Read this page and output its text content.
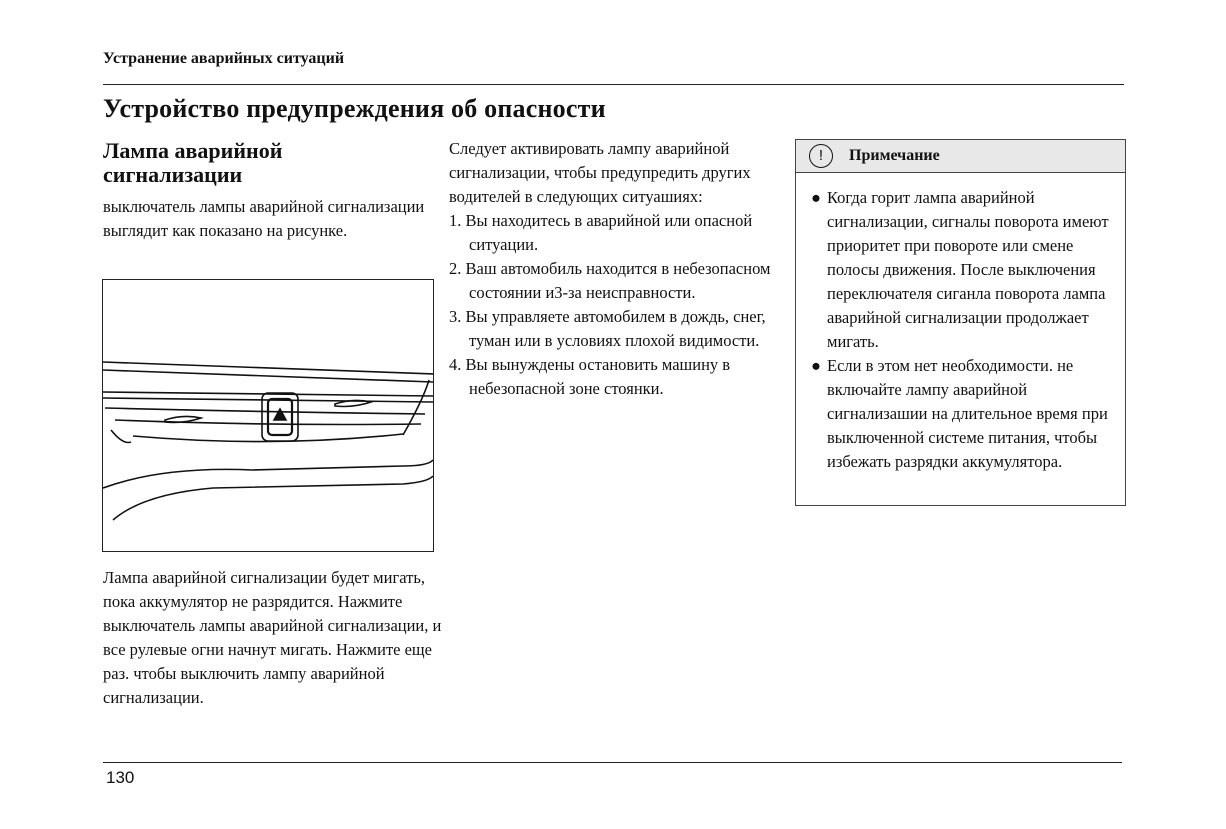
Устранение аварийных ситуаций
Устройство предупреждения об опасности
Лампа аварийной сигнализации
выключатель лампы аварийной сигнализации выглядит как показано на рисунке.
Лампа аварийной сигнализации будет мигать, пока аккумулятор не разрядится. Нажмите выключатель лампы аварийной сигнализации, и все рулевые огни начнут мигать. Нажмите еще раз. чтобы выключить лампу аварийной сигнализации.
Следует активировать лампу аварийной сигнализации, чтобы предупредить других водителей в следующих ситуашиях:
1. Вы находитесь в аварийной или опасной ситуации.
2. Ваш автомобиль находится в небезопасном состоянии и3-за неисправности.
3. Вы управляете автомобилем в дождь, снег, туман или в условиях плохой видимости.
4. Вы вынуждены остановить машину в небезопасной зоне стоянки.
!	Примечание
● Когда горит лампа аварийной сигнализации, сигналы поворота имеют приоритет при повороте или смене полосы движения. После выключения переключателя сиганла поворота лампа аварийной сигнализации продолжает мигать.
● Если в этом нет необходимости. не включайте лампу аварийной сигнализашии на длительное время при выключенной системе питания, чтобы избежать разрядки аккумулятора.
130
